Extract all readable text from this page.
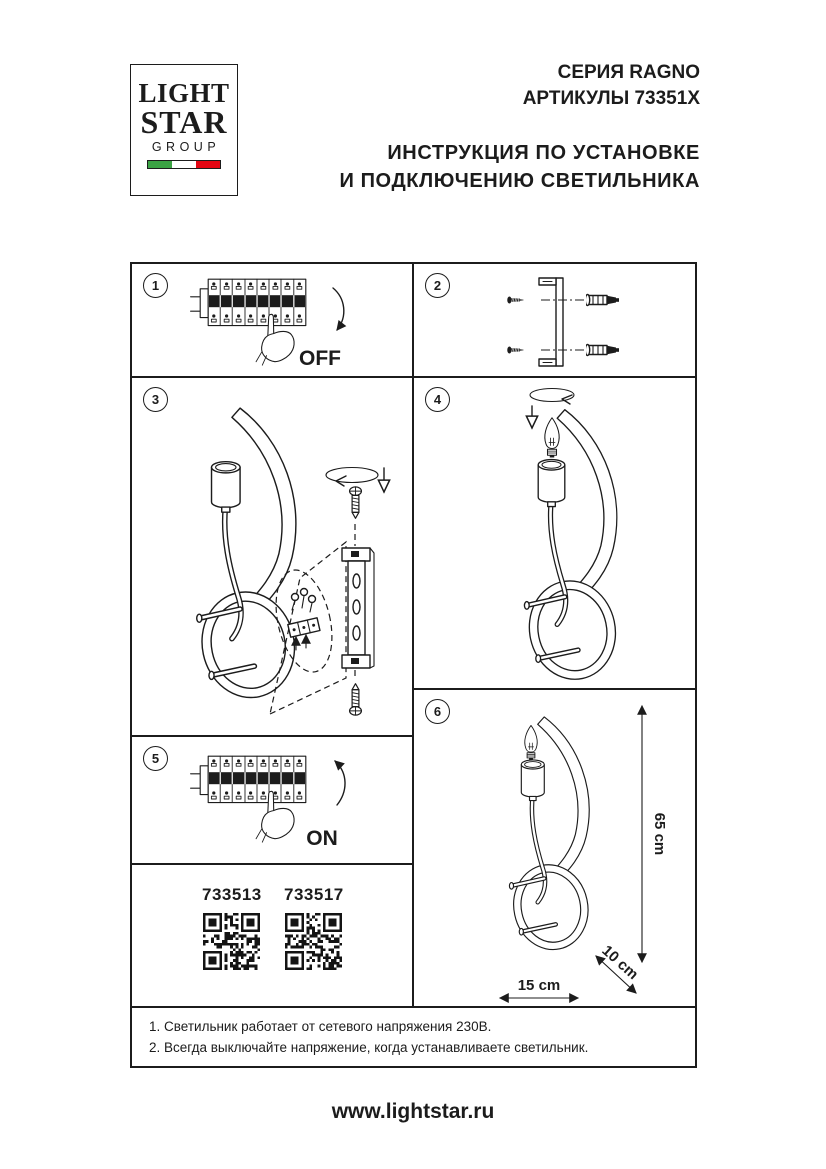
LIGHT
STAR
GROUP
СЕРИЯ RAGNO
АРТИКУЛЫ 73351X
ИНСТРУКЦИЯ ПО УСТАНОВКЕ
И ПОДКЛЮЧЕНИЮ СВЕТИЛЬНИКА
1
OFF
2
3	4
5
ON
733513 733517
6
65 cm
15 cm
10 cm
1. Светильник работает от сетевого напряжения 230В.
2. Всегда выключайте напряжение, когда устанавливаете светильник.
www.lightstar.ru
